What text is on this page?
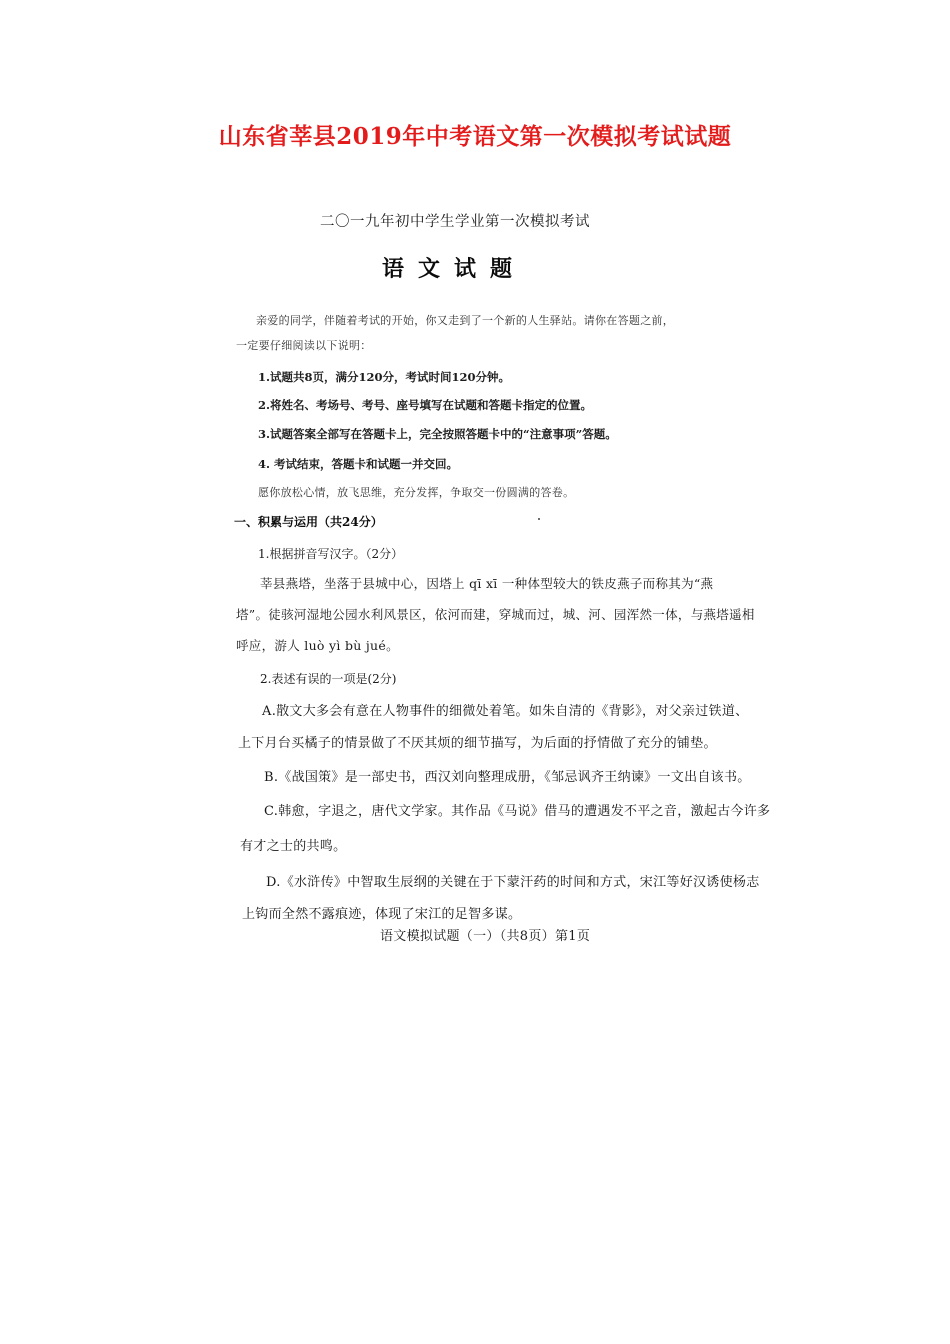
山东省莘县2019年中考语文第一次模拟考试试题
二〇一九年初中学生学业第一次模拟考试
语文试题
亲爱的同学，伴随着考试的开始，你又走到了一个新的人生驿站。请你在答题之前，
一定要仔细阅读以下说明：
1.试题共8页，满分120分，考试时间120分钟。
2.将姓名、考场号、考号、座号填写在试题和答题卡指定的位置。
3.试题答案全部写在答题卡上，完全按照答题卡中的“注意事项”答题。
4. 考试结束，答题卡和试题一并交回。
愿你放松心情，放飞思维，充分发挥，争取交一份圆满的答卷。
一、积累与运用（共24分）
1.根据拼音写汉字。（2分）
莘县燕塔，坐落于县城中心，因塔上 qī xī 一种体型较大的铁皮燕子而称其为“燕
塔”。徒骇河湿地公园水利风景区，依河而建，穿城而过，城、河、园浑然一体，与燕塔遥相
呼应，游人 luò yì bù jué。
2.表述有误的一项是(2分)
A.散文大多会有意在人物事件的细微处着笔。如朱自清的《背影》，对父亲过铁道、
上下月台买橘子的情景做了不厌其烦的细节描写，为后面的抒情做了充分的铺垫。
B.《战国策》是一部史书，西汉刘向整理成册，《邹忌讽齐王纳谏》一文出自该书。
C.韩愈，字退之，唐代文学家。其作品《马说》借马的遭遇发不平之音，激起古今许多
有才之士的共鸣。
D.《水浒传》中智取生辰纲的关键在于下蒙汗药的时间和方式，宋江等好汉诱使杨志
上钩而全然不露痕迹，体现了宋江的足智多谋。
语文模拟试题（一）（共8页）第1页
